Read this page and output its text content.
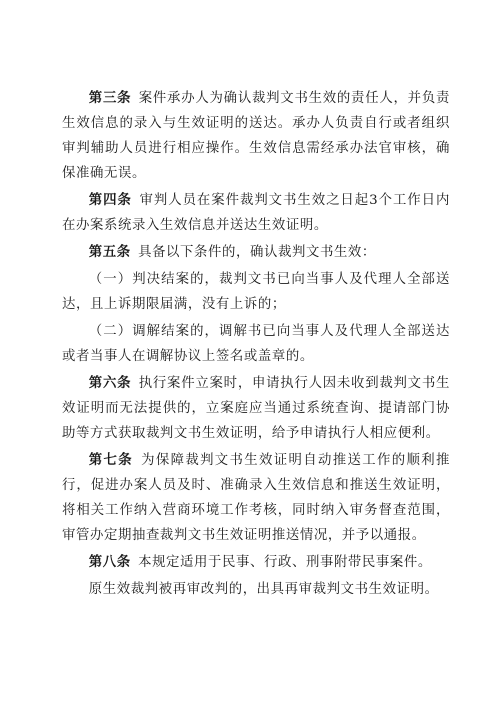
第三条 案件承办人为确认裁判文书生效的责任人，并负责生效信息的录入与生效证明的送达。承办人负责自行或者组织审判辅助人员进行相应操作。生效信息需经承办法官审核，确保准确无误。

第四条 审判人员在案件裁判文书生效之日起3个工作日内在办案系统录入生效信息并送达生效证明。

第五条 具备以下条件的，确认裁判文书生效：

（一）判决结案的，裁判文书已向当事人及代理人全部送达，且上诉期限届满，没有上诉的；

（二）调解结案的，调解书已向当事人及代理人全部送达或者当事人在调解协议上签名或盖章的。

第六条 执行案件立案时，申请执行人因未收到裁判文书生效证明而无法提供的，立案庭应当通过系统查询、提请部门协助等方式获取裁判文书生效证明，给予申请执行人相应便利。

第七条 为保障裁判文书生效证明自动推送工作的顺利推行，促进办案人员及时、准确录入生效信息和推送生效证明，将相关工作纳入营商环境工作考核，同时纳入审务督查范围，审管办定期抽查裁判文书生效证明推送情况，并予以通报。

第八条 本规定适用于民事、行政、刑事附带民事案件。

原生效裁判被再审改判的，出具再审裁判文书生效证明。
